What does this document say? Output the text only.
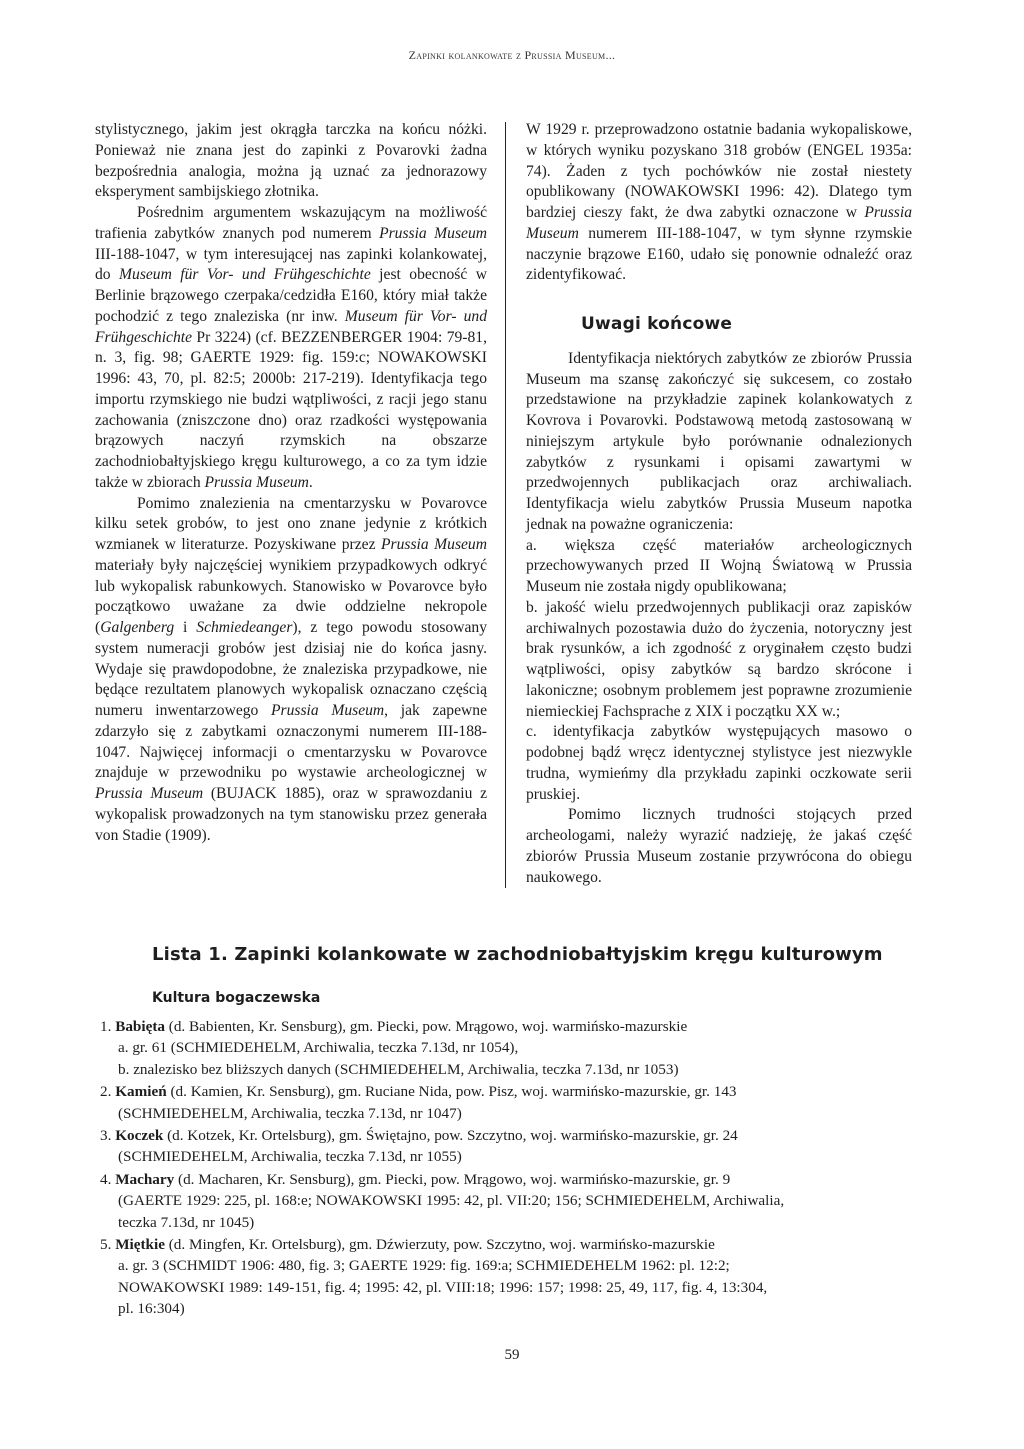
Zapinki kolankowate z Prussia Museum...

stylistycznego, jakim jest okrągła tarczka na końcu nóżki. Ponieważ nie znana jest do zapinki z Povarovki żadna bezpośrednia analogia, można ją uznać za jednorazowy eksperyment sambijskiego złotnika.

Pośrednim argumentem wskazującym na możliwość trafienia zabytków znanych pod numerem Prussia Museum III-188-1047, w tym interesującej nas zapinki kolankowatej, do Museum für Vor- und Frühgeschichte jest obecność w Berlinie brązowego czerpaka/cedzidła E160, który miał także pochodzić z tego znaleziska (nr inw. Museum für Vor- und Frühgeschichte Pr 3224) (cf. BEZZENBERGER 1904: 79-81, n. 3, fig. 98; GAERTE 1929: fig. 159:c; NOWAKOWSKI 1996: 43, 70, pl. 82:5; 2000b: 217-219). Identyfikacja tego importu rzymskiego nie budzi wątpliwości, z racji jego stanu zachowania (zniszczone dno) oraz rzadkości występowania brązowych naczyń rzymskich na obszarze zachodniobałtyjskiego kręgu kulturowego, a co za tym idzie także w zbiorach Prussia Museum.

Pomimo znalezienia na cmentarzysku w Povarovce kilku setek grobów, to jest ono znane jedynie z krótkich wzmianek w literaturze. Pozyskiwane przez Prussia Museum materiały były najczęściej wynikiem przypadkowych odkryć lub wykopalisk rabunkowych. Stanowisko w Povarovce było początkowo uważane za dwie oddzielne nekropole (Galgenberg i Schmiedeanger), z tego powodu stosowany system numeracji grobów jest dzisiaj nie do końca jasny. Wydaje się prawdopodobne, że znaleziska przypadkowe, nie będące rezultatem planowych wykopalisk oznaczano częścią numeru inwentarzowego Prussia Museum, jak zapewne zdarzyło się z zabytkami oznaczonymi numerem III-188-1047. Najwięcej informacji o cmentarzysku w Povarovce znajduje w przewodniku po wystawie archeologicznej w Prussia Museum (BUJACK 1885), oraz w sprawozdaniu z wykopalisk prowadzonych na tym stanowisku przez generała von Stadie (1909).

W 1929 r. przeprowadzono ostatnie badania wykopaliskowe, w których wyniku pozyskano 318 grobów (ENGEL 1935a: 74). Żaden z tych pochówków nie został niestety opublikowany (NOWAKOWSKI 1996: 42). Dlatego tym bardziej cieszy fakt, że dwa zabytki oznaczone w Prussia Museum numerem III-188-1047, w tym słynne rzymskie naczynie brązowe E160, udało się ponownie odnaleźć oraz zidentyfikować.

Uwagi końcowe

Identyfikacja niektórych zabytków ze zbiorów Prussia Museum ma szansę zakończyć się sukcesem, co zostało przedstawione na przykładzie zapinek kolankowatych z Kovrova i Povarovki. Podstawową metodą zastosowaną w niniejszym artykule było porównanie odnalezionych zabytków z rysunkami i opisami zawartymi w przedwojennych publikacjach oraz archiwaliach. Identyfikacja wielu zabytków Prussia Museum napotka jednak na poważne ograniczenia:

a. większa część materiałów archeologicznych przechowywanych przed II Wojną Światową w Prussia Museum nie została nigdy opublikowana;

b. jakość wielu przedwojennych publikacji oraz zapisków archiwalnych pozostawia dużo do życzenia, notoryczny jest brak rysunków, a ich zgodność z oryginałem często budzi wątpliwości, opisy zabytków są bardzo skrócone i lakoniczne; osobnym problemem jest poprawne zrozumienie niemieckiej Fachsprache z XIX i początku XX w.;

c. identyfikacja zabytków występujących masowo o podobnej bądź wręcz identycznej stylistyce jest niezwykle trudna, wymieńmy dla przykładu zapinki oczkowate serii pruskiej.

Pomimo licznych trudności stojących przed archeologami, należy wyrazić nadzieję, że jakaś część zbiorów Prussia Museum zostanie przywrócona do obiegu naukowego.

Lista 1. Zapinki kolankowate w zachodniobałtyjskim kręgu kulturowym
Kultura bogaczewska
1. Babięta (d. Babienten, Kr. Sensburg), gm. Piecki, pow. Mrągowo, woj. warmińsko-mazurskie
a. gr. 61 (SCHMIEDEHELM, Archiwalia, teczka 7.13d, nr 1054),
b. znalezisko bez bliższych danych (SCHMIEDEHELM, Archiwalia, teczka 7.13d, nr 1053)
2. Kamień (d. Kamien, Kr. Sensburg), gm. Ruciane Nida, pow. Pisz, woj. warmińsko-mazurskie, gr. 143
(SCHMIEDEHELM, Archiwalia, teczka 7.13d, nr 1047)
3. Koczek (d. Kotzek, Kr. Ortelsburg), gm. Świętajno, pow. Szczytno, woj. warmińsko-mazurskie, gr. 24
(SCHMIEDEHELM, Archiwalia, teczka 7.13d, nr 1055)
4. Machary (d. Macharen, Kr. Sensburg), gm. Piecki, pow. Mrągowo, woj. warmińsko-mazurskie, gr. 9
(GAERTE 1929: 225, pl. 168:e; NOWAKOWSKI 1995: 42, pl. VII:20; 156; SCHMIEDEHELM, Archiwalia,
teczka 7.13d, nr 1045)
5. Miętkie (d. Mingfen, Kr. Ortelsburg), gm. Dźwierzuty, pow. Szczytno, woj. warmińsko-mazurskie
a. gr. 3 (SCHMIDT 1906: 480, fig. 3; GAERTE 1929: fig. 169:a; SCHMIEDEHELM 1962: pl. 12:2;
NOWAKOWSKI 1989: 149-151, fig. 4; 1995: 42, pl. VIII:18; 1996: 157; 1998: 25, 49, 117, fig. 4, 13:304,
pl. 16:304)
59
